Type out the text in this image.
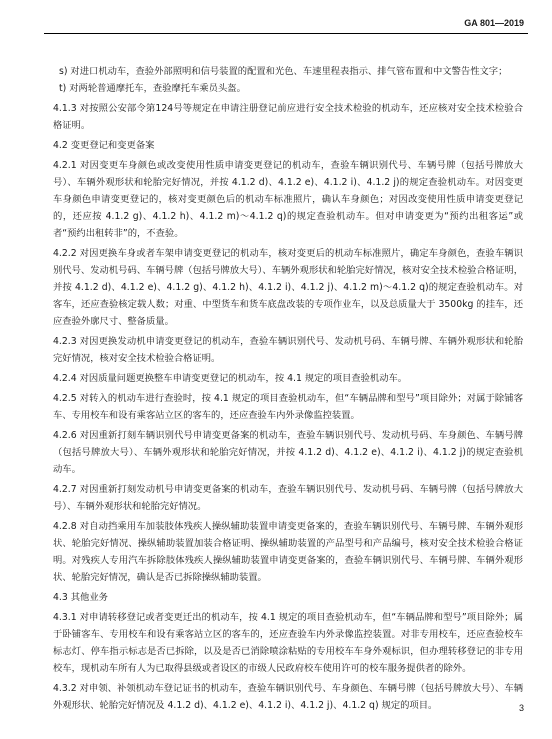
GA 801—2019

s) 对进口机动车，查验外部照明和信号装置的配置和光色、车速里程表指示、排气管布置和中文警告性文字；

t) 对两轮普通摩托车，查验摩托车乘员头盔。

4.1.3 对按照公安部令第124号等规定在申请注册登记前应进行安全技术检验的机动车，还应核对安全技术检验合格证明。

4.2 变更登记和变更备案

4.2.1 对因变更车身颜色或改变使用性质申请变更登记的机动车，查验车辆识别代号、车辆号牌（包括号牌放大号）、车辆外观形状和轮胎完好情况，并按 4.1.2 d)、4.1.2 e)、4.1.2 i)、4.1.2 j)的规定查验机动车。对因变更车身颜色申请变更登记的，核对变更颜色后的机动车标准照片，确认车身颜色；对因改变使用性质申请变更登记的，还应按 4.1.2 g)、4.1.2 h)、4.1.2 m)～4.1.2 q)的规定查验机动车。但对申请变更为“预约出租客运”或者“预约出租转非”的，不查验。

4.2.2 对因更换车身或者车架申请变更登记的机动车，核对变更后的机动车标准照片，确定车身颜色，查验车辆识别代号、发动机号码、车辆号牌（包括号牌放大号）、车辆外观形状和轮胎完好情况，核对安全技术检验合格证明，并按 4.1.2 d)、4.1.2 e)、4.1.2 g)、4.1.2 h)、4.1.2 i)、4.1.2 j)、4.1.2 m)～4.1.2 q)的规定查验机动车。对客车，还应查验核定载人数；对重、中型货车和货车底盘改装的专项作业车，以及总质量大于 3500kg 的挂车，还应查验外廓尺寸、整备质量。

4.2.3 对因更换发动机申请变更登记的机动车，查验车辆识别代号、发动机号码、车辆号牌、车辆外观形状和轮胎完好情况，核对安全技术检验合格证明。

4.2.4 对因质量问题更换整车申请变更登记的机动车，按 4.1 规定的项目查验机动车。

4.2.5 对转入的机动车进行查验时，按 4.1 规定的项目查验机动车，但“车辆品牌和型号”项目除外；对属于除铺客车、专用校车和设有乘客站立区的客车的，还应查验车内外录像监控装置。

4.2.6 对因重新打刻车辆识别代号申请变更备案的机动车，查验车辆识别代号、发动机号码、车身颜色、车辆号牌（包括号牌放大号）、车辆外观形状和轮胎完好情况，并按 4.1.2 d)、4.1.2 e)、4.1.2 i)、4.1.2 j)的规定查验机动车。

4.2.7 对因重新打刻发动机号申请变更备案的机动车，查验车辆识别代号、发动机号码、车辆号牌（包括号牌放大号）、车辆外观形状和轮胎完好情况。

4.2.8 对自动挡乘用车加装肢体残疾人操纵辅助装置申请变更备案的，查验车辆识别代号、车辆号牌、车辆外观形状、轮胎完好情况、操纵辅助装置加装合格证明、操纵辅助装置的产品型号和产品编号，核对安全技术检验合格证明。对残疾人专用汽车拆除肢体残疾人操纵辅助装置申请变更备案的，查验车辆识别代号、车辆号牌、车辆外观形状、轮胎完好情况，确认是否已拆除操纵辅助装置。

4.3 其他业务

4.3.1 对申请转移登记或者变更迁出的机动车，按 4.1 规定的项目查验机动车，但“车辆品牌和型号”项目除外；属于卧铺客车、专用校车和设有乘客站立区的客车的，还应查验车内外录像监控装置。对非专用校车，还应查验校车标志灯、停车指示标志是否已拆除，以及是否已消除喷涂粘贴的专用校车车身外观标识，但办理转移登记的非专用校车，现机动车所有人为已取得县级或者设区的市级人民政府校车使用许可的校车服务提供者的除外。

4.3.2 对申领、补领机动车登记证书的机动车，查验车辆识别代号、车身颜色、车辆号牌（包括号牌放大号）、车辆外观形状、轮胎完好情况及 4.1.2 d)、4.1.2 e)、4.1.2 i)、4.1.2 j)、4.1.2 q) 规定的项目。	3
